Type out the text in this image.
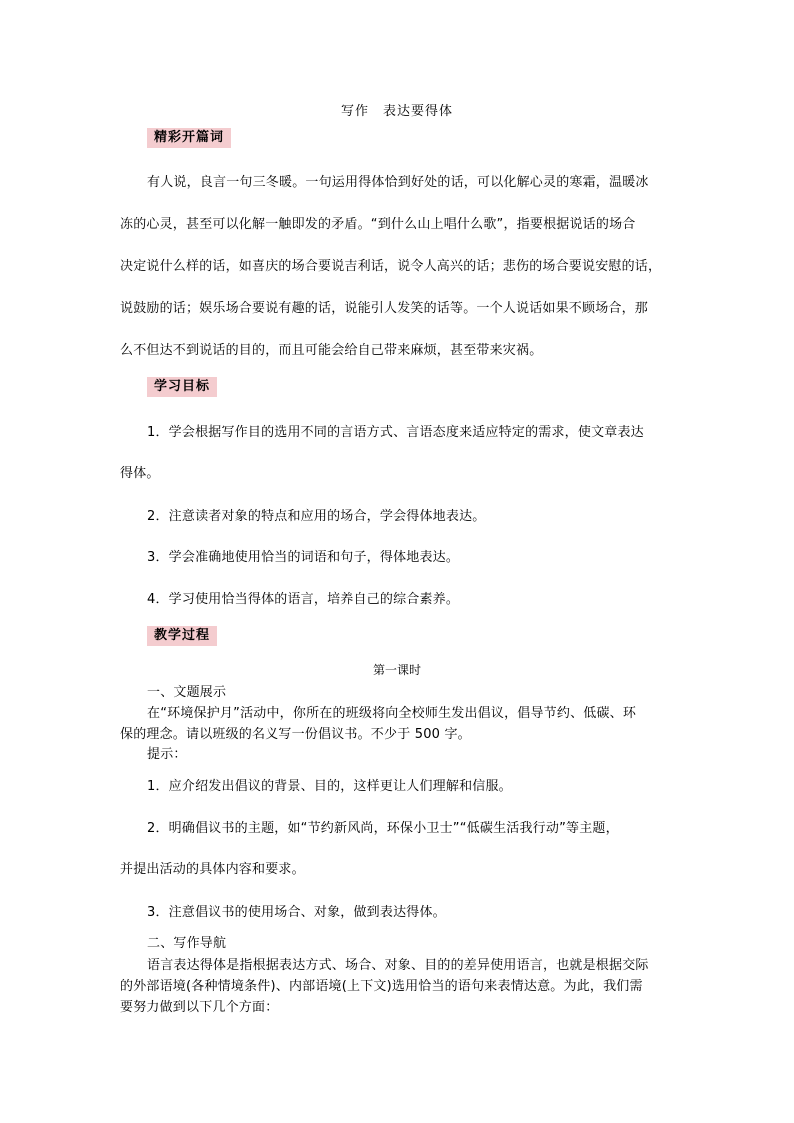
写作　表达要得体
精彩开篇词
有人说，良言一句三冬暖。一句运用得体恰到好处的话，可以化解心灵的寒霜，温暖冰
冻的心灵，甚至可以化解一触即发的矛盾。“到什么山上唱什么歌”，指要根据说话的场合
决定说什么样的话，如喜庆的场合要说吉利话，说令人高兴的话；悲伤的场合要说安慰的话，
说鼓励的话；娱乐场合要说有趣的话，说能引人发笑的话等。一个人说话如果不顾场合，那
么不但达不到说话的目的，而且可能会给自己带来麻烦，甚至带来灾祸。
学习目标
1．学会根据写作目的选用不同的言语方式、言语态度来适应特定的需求，使文章表达
得体。
2．注意读者对象的特点和应用的场合，学会得体地表达。
3．学会准确地使用恰当的词语和句子，得体地表达。
4．学习使用恰当得体的语言，培养自己的综合素养。
教学过程
第一课时
一、文题展示
在“环境保护月”活动中，你所在的班级将向全校师生发出倡议，倡导节约、低碳、环
保的理念。请以班级的名义写一份倡议书。不少于 500 字。
提示：
1．应介绍发出倡议的背景、目的，这样更让人们理解和信服。
2．明确倡议书的主题，如“节约新风尚，环保小卫士”“低碳生活我行动”等主题，
并提出活动的具体内容和要求。
3．注意倡议书的使用场合、对象，做到表达得体。
二、写作导航
语言表达得体是指根据表达方式、场合、对象、目的的差异使用语言，也就是根据交际
的外部语境(各种情境条件)、内部语境(上下文)选用恰当的语句来表情达意。为此，我们需
要努力做到以下几个方面：
